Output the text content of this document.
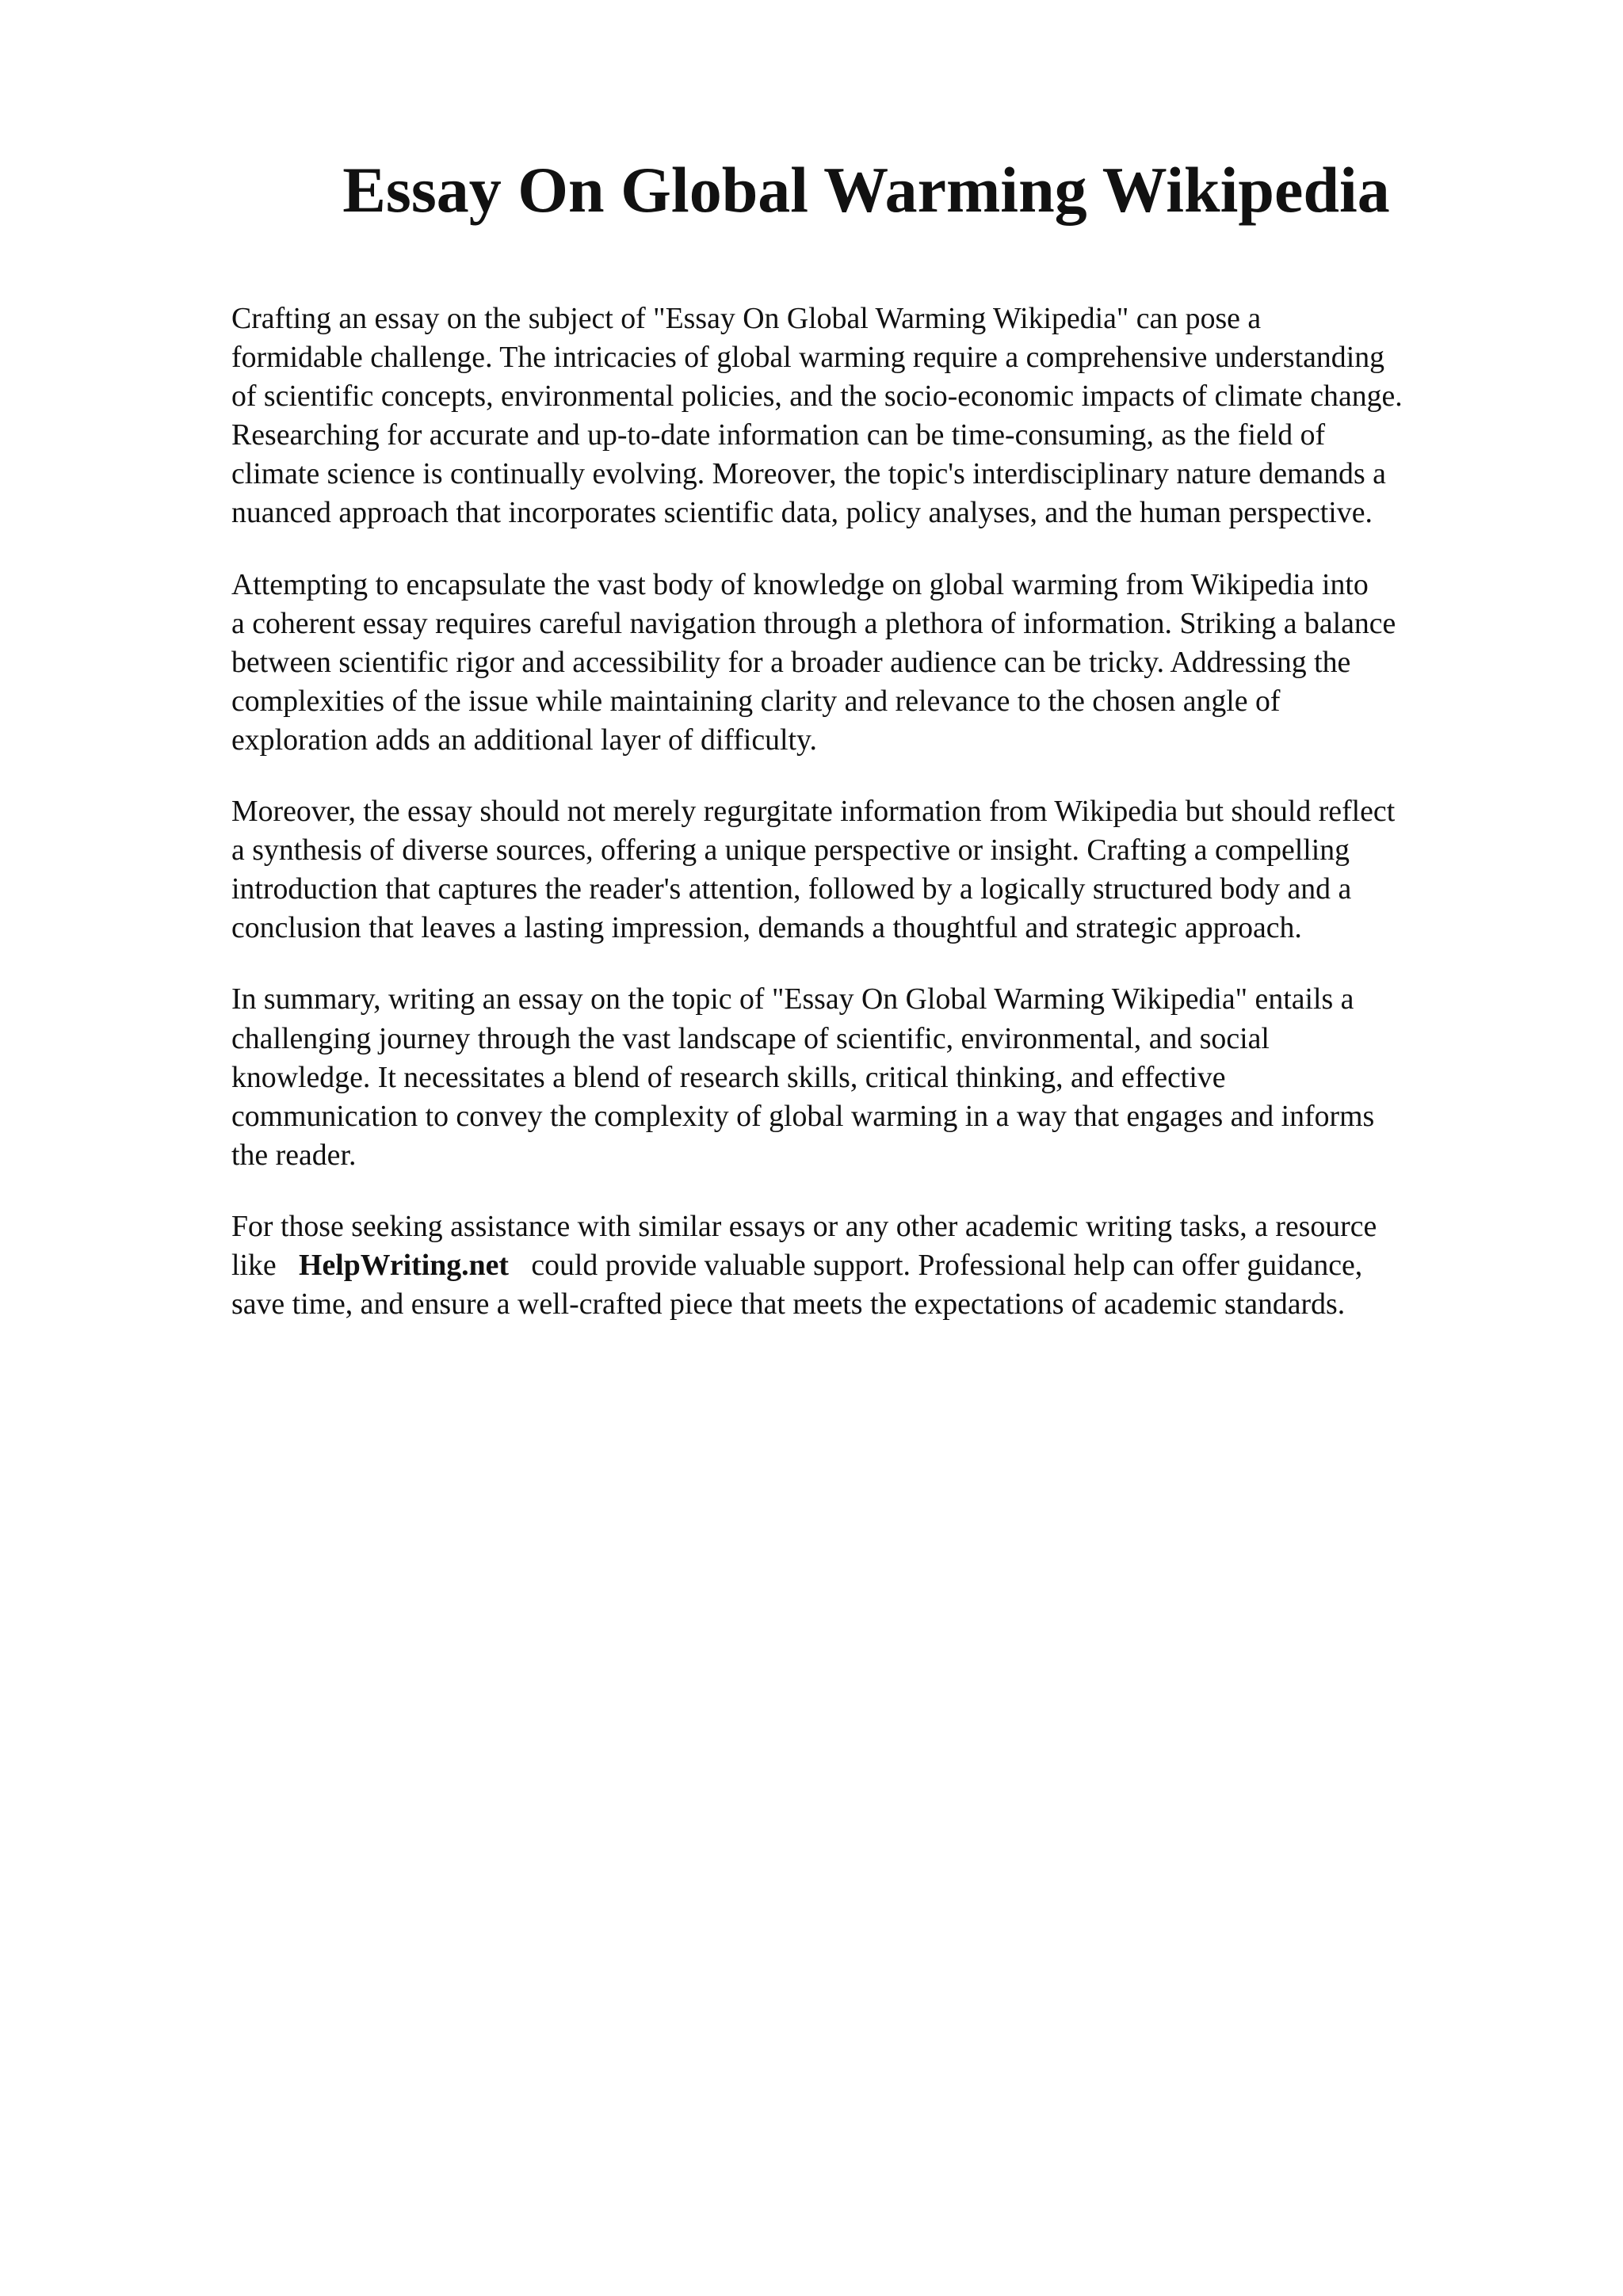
Essay On Global Warming Wikipedia

Crafting an essay on the subject of "Essay On Global Warming Wikipedia" can pose a
formidable challenge. The intricacies of global warming require a comprehensive understanding
of scientific concepts, environmental policies, and the socio-economic impacts of climate change.
Researching for accurate and up-to-date information can be time-consuming, as the field of
climate science is continually evolving. Moreover, the topic's interdisciplinary nature demands a
nuanced approach that incorporates scientific data, policy analyses, and the human perspective.

Attempting to encapsulate the vast body of knowledge on global warming from Wikipedia into
a coherent essay requires careful navigation through a plethora of information. Striking a balance
between scientific rigor and accessibility for a broader audience can be tricky. Addressing the
complexities of the issue while maintaining clarity and relevance to the chosen angle of
exploration adds an additional layer of difficulty.

Moreover, the essay should not merely regurgitate information from Wikipedia but should reflect
a synthesis of diverse sources, offering a unique perspective or insight. Crafting a compelling
introduction that captures the reader's attention, followed by a logically structured body and a
conclusion that leaves a lasting impression, demands a thoughtful and strategic approach.

In summary, writing an essay on the topic of "Essay On Global Warming Wikipedia" entails a
challenging journey through the vast landscape of scientific, environmental, and social
knowledge. It necessitates a blend of research skills, critical thinking, and effective
communication to convey the complexity of global warming in a way that engages and informs
the reader.

For those seeking assistance with similar essays or any other academic writing tasks, a resource
like HelpWriting.net could provide valuable support. Professional help can offer guidance,
save time, and ensure a well-crafted piece that meets the expectations of academic standards.
